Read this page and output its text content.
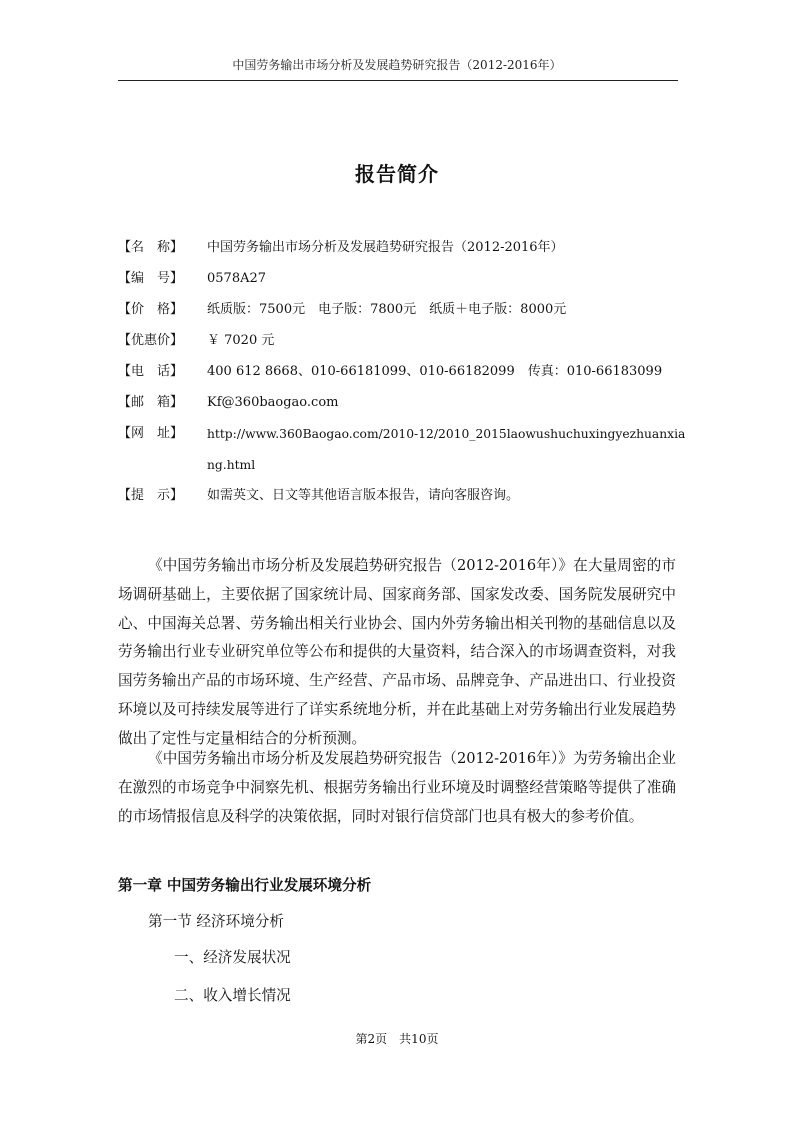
中国劳务输出市场分析及发展趋势研究报告（2012-2016年）
报告简介
【名　称】	中国劳务输出市场分析及发展趋势研究报告（2012-2016年）
【编　号】	0578A27
【价　格】	纸质版：7500元　电子版：7800元　纸质＋电子版：8000元
【优惠价】	￥ 7020 元
【电　话】	400 612 8668、010-66181099、010-66182099　传真：010-66183099
【邮　箱】	Kf@360baogao.com
【网　址】	http://www.360Baogao.com/2010-12/2010_2015laowushuchuxingyezhuanxiang.html
【提　示】	如需英文、日文等其他语言版本报告，请向客服咨询。

《中国劳务输出市场分析及发展趋势研究报告（2012-2016年）》在大量周密的市场调研基础上，主要依据了国家统计局、国家商务部、国家发改委、国务院发展研究中心、中国海关总署、劳务输出相关行业协会、国内外劳务输出相关刊物的基础信息以及劳务输出行业专业研究单位等公布和提供的大量资料，结合深入的市场调查资料，对我国劳务输出产品的市场环境、生产经营、产品市场、品牌竞争、产品进出口、行业投资环境以及可持续发展等进行了详实系统地分析，并在此基础上对劳务输出行业发展趋势做出了定性与定量相结合的分析预测。

《中国劳务输出市场分析及发展趋势研究报告（2012-2016年）》为劳务输出企业在激烈的市场竞争中洞察先机、根据劳务输出行业环境及时调整经营策略等提供了准确的市场情报信息及科学的决策依据，同时对银行信贷部门也具有极大的参考价值。

第一章 中国劳务输出行业发展环境分析
第一节 经济环境分析
一、经济发展状况
二、收入增长情况
第2页　共10页
